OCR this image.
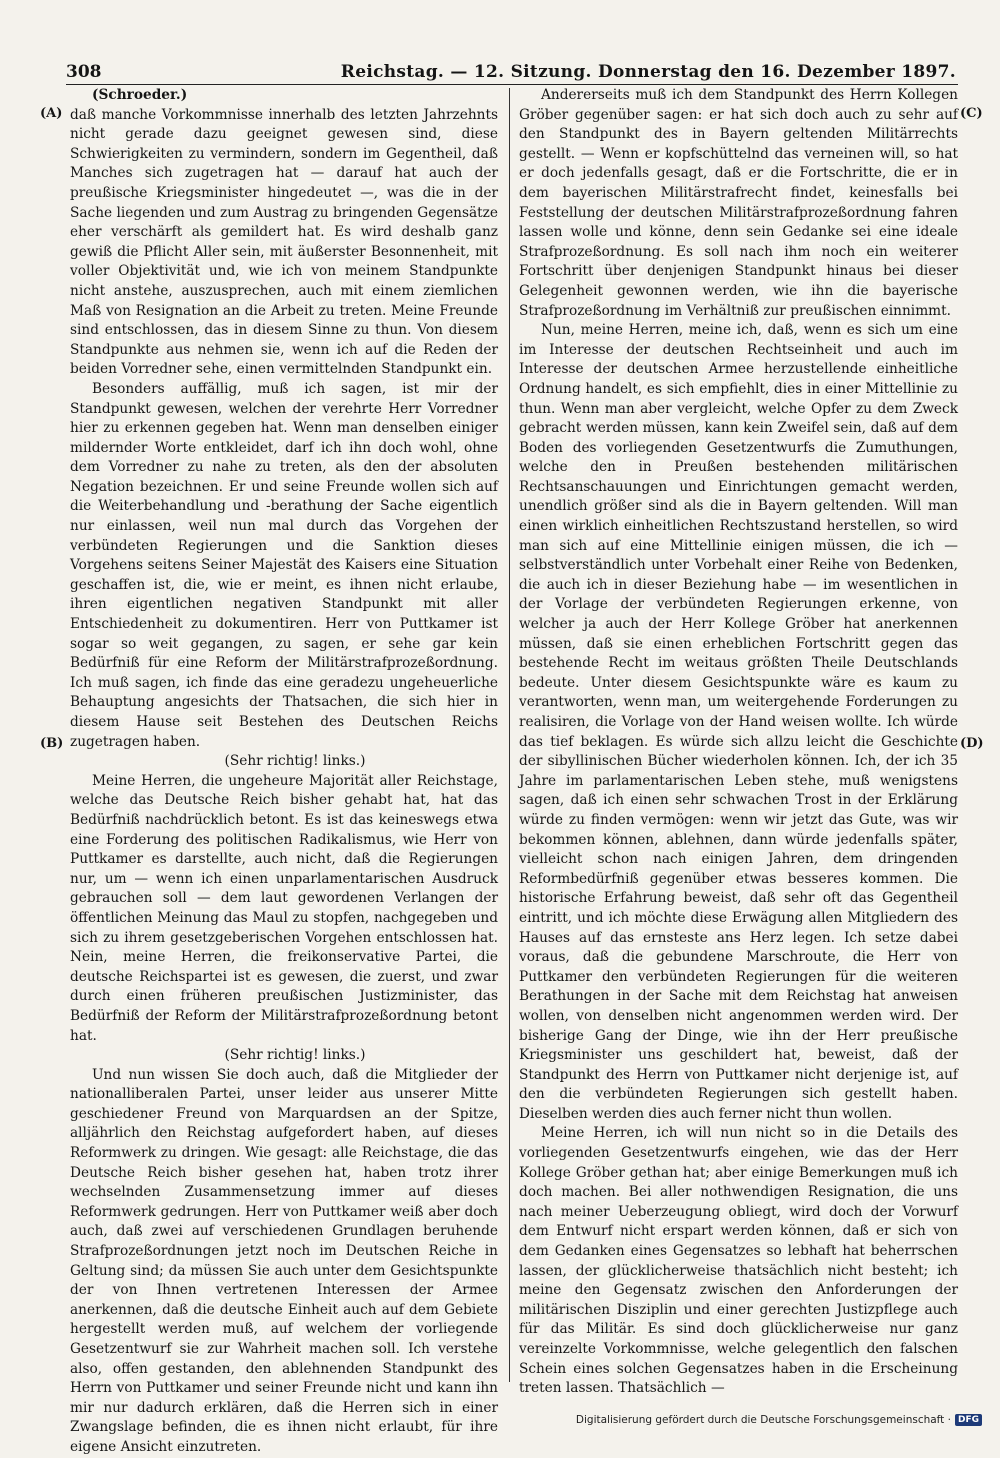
308	Reichstag. — 12. Sitzung. Donnerstag den 16. Dezember 1897.
(A)
(B)
(C)
(D)

(Schroeder.)

daß manche Vorkommnisse innerhalb des letzten Jahrzehnts nicht gerade dazu geeignet gewesen sind, diese Schwierigkeiten zu vermindern, sondern im Gegentheil, daß Manches sich zugetragen hat — darauf hat auch der preußische Kriegsminister hingedeutet —, was die in der Sache liegenden und zum Austrag zu bringenden Gegensätze eher verschärft als gemildert hat. Es wird deshalb ganz gewiß die Pflicht Aller sein, mit äußerster Besonnenheit, mit voller Objektivität und, wie ich von meinem Standpunkte nicht anstehe, auszusprechen, auch mit einem ziemlichen Maß von Resignation an die Arbeit zu treten. Meine Freunde sind entschlossen, das in diesem Sinne zu thun. Von diesem Standpunkte aus nehmen sie, wenn ich auf die Reden der beiden Vorredner sehe, einen vermittelnden Standpunkt ein.

Besonders auffällig, muß ich sagen, ist mir der Standpunkt gewesen, welchen der verehrte Herr Vorredner hier zu erkennen gegeben hat. Wenn man denselben einiger mildernder Worte entkleidet, darf ich ihn doch wohl, ohne dem Vorredner zu nahe zu treten, als den der absoluten Negation bezeichnen. Er und seine Freunde wollen sich auf die Weiterbehandlung und -berathung der Sache eigentlich nur einlassen, weil nun mal durch das Vorgehen der verbündeten Regierungen und die Sanktion dieses Vorgehens seitens Seiner Majestät des Kaisers eine Situation geschaffen ist, die, wie er meint, es ihnen nicht erlaube, ihren eigentlichen negativen Standpunkt mit aller Entschiedenheit zu dokumentiren. Herr von Puttkamer ist sogar so weit gegangen, zu sagen, er sehe gar kein Bedürfniß für eine Reform der Militärstrafprozeßordnung. Ich muß sagen, ich finde das eine geradezu ungeheuerliche Behauptung angesichts der Thatsachen, die sich hier in diesem Hause seit Bestehen des Deutschen Reichs zugetragen haben.

(Sehr richtig! links.)

Meine Herren, die ungeheure Majorität aller Reichstage, welche das Deutsche Reich bisher gehabt hat, hat das Bedürfniß nachdrücklich betont. Es ist das keineswegs etwa eine Forderung des politischen Radikalismus, wie Herr von Puttkamer es darstellte, auch nicht, daß die Regierungen nur, um — wenn ich einen unparlamentarischen Ausdruck gebrauchen soll — dem laut gewordenen Verlangen der öffentlichen Meinung das Maul zu stopfen, nachgegeben und sich zu ihrem gesetzgeberischen Vorgehen entschlossen hat. Nein, meine Herren, die freikonservative Partei, die deutsche Reichspartei ist es gewesen, die zuerst, und zwar durch einen früheren preußischen Justizminister, das Bedürfniß der Reform der Militärstrafprozeßordnung betont hat.

(Sehr richtig! links.)

Und nun wissen Sie doch auch, daß die Mitglieder der nationalliberalen Partei, unser leider aus unserer Mitte geschiedener Freund von Marquardsen an der Spitze, alljährlich den Reichstag aufgefordert haben, auf dieses Reformwerk zu dringen. Wie gesagt: alle Reichstage, die das Deutsche Reich bisher gesehen hat, haben trotz ihrer wechselnden Zusammensetzung immer auf dieses Reformwerk gedrungen. Herr von Puttkamer weiß aber doch auch, daß zwei auf verschiedenen Grundlagen beruhende Strafprozeßordnungen jetzt noch im Deutschen Reiche in Geltung sind; da müssen Sie auch unter dem Gesichtspunkte der von Ihnen vertretenen Interessen der Armee anerkennen, daß die deutsche Einheit auch auf dem Gebiete hergestellt werden muß, auf welchem der vorliegende Gesetzentwurf sie zur Wahrheit machen soll. Ich verstehe also, offen gestanden, den ablehnenden Standpunkt des Herrn von Puttkamer und seiner Freunde nicht und kann ihn mir nur dadurch erklären, daß die Herren sich in einer Zwangslage befinden, die es ihnen nicht erlaubt, für ihre eigene Ansicht einzutreten.

Andererseits muß ich dem Standpunkt des Herrn Kollegen Gröber gegenüber sagen: er hat sich doch auch zu sehr auf den Standpunkt des in Bayern geltenden Militärrechts gestellt. — Wenn er kopfschüttelnd das verneinen will, so hat er doch jedenfalls gesagt, daß er die Fortschritte, die er in dem bayerischen Militärstrafrecht findet, keinesfalls bei Feststellung der deutschen Militärstrafprozeßordnung fahren lassen wolle und könne, denn sein Gedanke sei eine ideale Strafprozeßordnung. Es soll nach ihm noch ein weiterer Fortschritt über denjenigen Standpunkt hinaus bei dieser Gelegenheit gewonnen werden, wie ihn die bayerische Strafprozeßordnung im Verhältniß zur preußischen einnimmt.

Nun, meine Herren, meine ich, daß, wenn es sich um eine im Interesse der deutschen Rechtseinheit und auch im Interesse der deutschen Armee herzustellende einheitliche Ordnung handelt, es sich empfiehlt, dies in einer Mittellinie zu thun. Wenn man aber vergleicht, welche Opfer zu dem Zweck gebracht werden müssen, kann kein Zweifel sein, daß auf dem Boden des vorliegenden Gesetzentwurfs die Zumuthungen, welche den in Preußen bestehenden militärischen Rechtsanschauungen und Einrichtungen gemacht werden, unendlich größer sind als die in Bayern geltenden. Will man einen wirklich einheitlichen Rechtszustand herstellen, so wird man sich auf eine Mittellinie einigen müssen, die ich — selbstverständlich unter Vorbehalt einer Reihe von Bedenken, die auch ich in dieser Beziehung habe — im wesentlichen in der Vorlage der verbündeten Regierungen erkenne, von welcher ja auch der Herr Kollege Gröber hat anerkennen müssen, daß sie einen erheblichen Fortschritt gegen das bestehende Recht im weitaus größten Theile Deutschlands bedeute. Unter diesem Gesichtspunkte wäre es kaum zu verantworten, wenn man, um weitergehende Forderungen zu realisiren, die Vorlage von der Hand weisen wollte. Ich würde das tief beklagen. Es würde sich allzu leicht die Geschichte der sibyllinischen Bücher wiederholen können. Ich, der ich 35 Jahre im parlamentarischen Leben stehe, muß wenigstens sagen, daß ich einen sehr schwachen Trost in der Erklärung würde zu finden vermögen: wenn wir jetzt das Gute, was wir bekommen können, ablehnen, dann würde jedenfalls später, vielleicht schon nach einigen Jahren, dem dringenden Reformbedürfniß gegenüber etwas besseres kommen. Die historische Erfahrung beweist, daß sehr oft das Gegentheil eintritt, und ich möchte diese Erwägung allen Mitgliedern des Hauses auf das ernsteste ans Herz legen. Ich setze dabei voraus, daß die gebundene Marschroute, die Herr von Puttkamer den verbündeten Regierungen für die weiteren Berathungen in der Sache mit dem Reichstag hat anweisen wollen, von denselben nicht angenommen werden wird. Der bisherige Gang der Dinge, wie ihn der Herr preußische Kriegsminister uns geschildert hat, beweist, daß der Standpunkt des Herrn von Puttkamer nicht derjenige ist, auf den die verbündeten Regierungen sich gestellt haben. Dieselben werden dies auch ferner nicht thun wollen.

Meine Herren, ich will nun nicht so in die Details des vorliegenden Gesetzentwurfs eingehen, wie das der Herr Kollege Gröber gethan hat; aber einige Bemerkungen muß ich doch machen. Bei aller nothwendigen Resignation, die uns nach meiner Ueberzeugung obliegt, wird doch der Vorwurf dem Entwurf nicht erspart werden können, daß er sich von dem Gedanken eines Gegensatzes so lebhaft hat beherrschen lassen, der glücklicherweise thatsächlich nicht besteht; ich meine den Gegensatz zwischen den Anforderungen der militärischen Disziplin und einer gerechten Justizpflege auch für das Militär. Es sind doch glücklicherweise nur ganz vereinzelte Vorkommnisse, welche gelegentlich den falschen Schein eines solchen Gegensatzes haben in die Erscheinung treten lassen. Thatsächlich —

Digitalisierung gefördert durch die Deutsche Forschungsgemeinschaft · DFG
